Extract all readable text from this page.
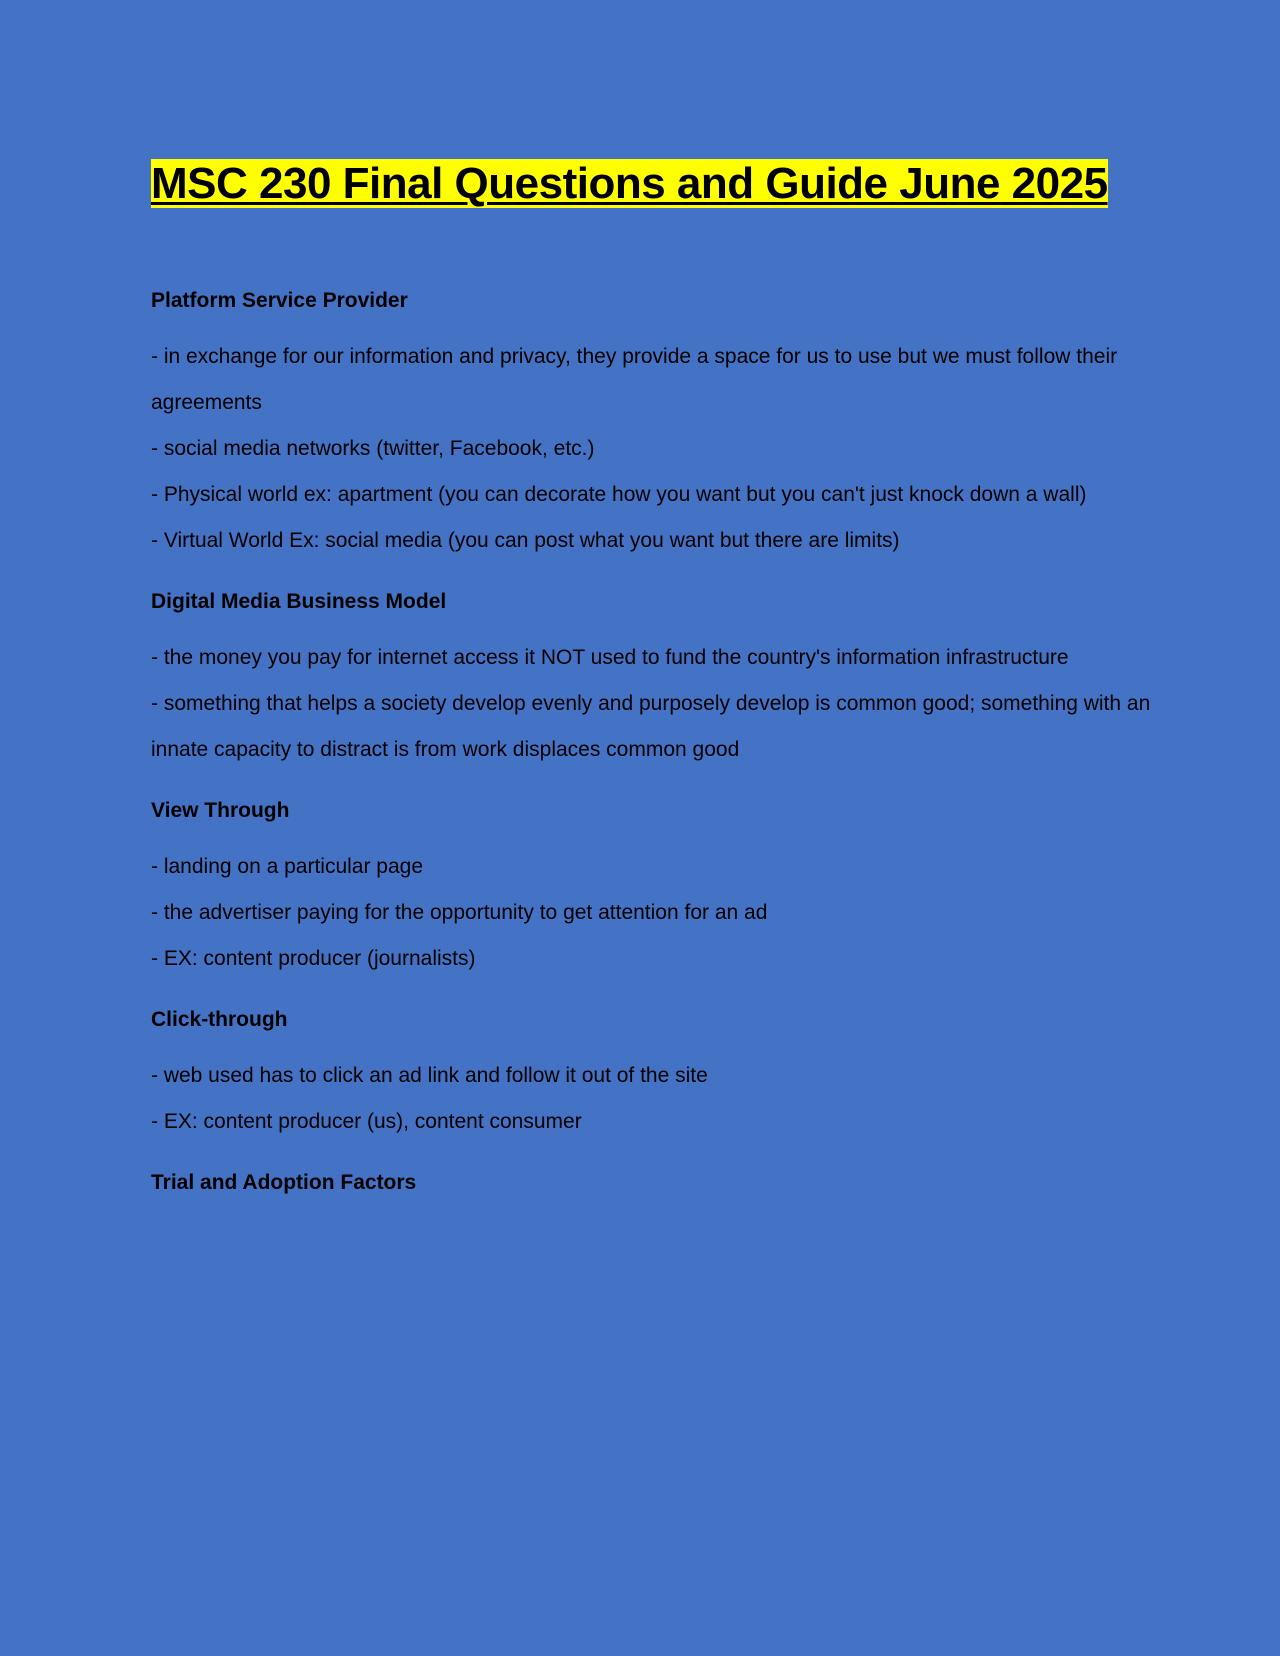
MSC 230 Final Questions and Guide June 2025
Platform Service Provider
- in exchange for our information and privacy, they provide a space for us to use but we must follow their agreements
- social media networks (twitter, Facebook, etc.)
- Physical world ex: apartment (you can decorate how you want but you can't just knock down a wall)
- Virtual World Ex: social media (you can post what you want but there are limits)
Digital Media Business Model
- the money you pay for internet access it NOT used to fund the country's information infrastructure
- something that helps a society develop evenly and purposely develop is common good; something with an innate capacity to distract is from work displaces common good
View Through
- landing on a particular page
- the advertiser paying for the opportunity to get attention for an ad
- EX: content producer (journalists)
Click-through
- web used has to click an ad link and follow it out of the site
- EX: content producer (us), content consumer
Trial and Adoption Factors
